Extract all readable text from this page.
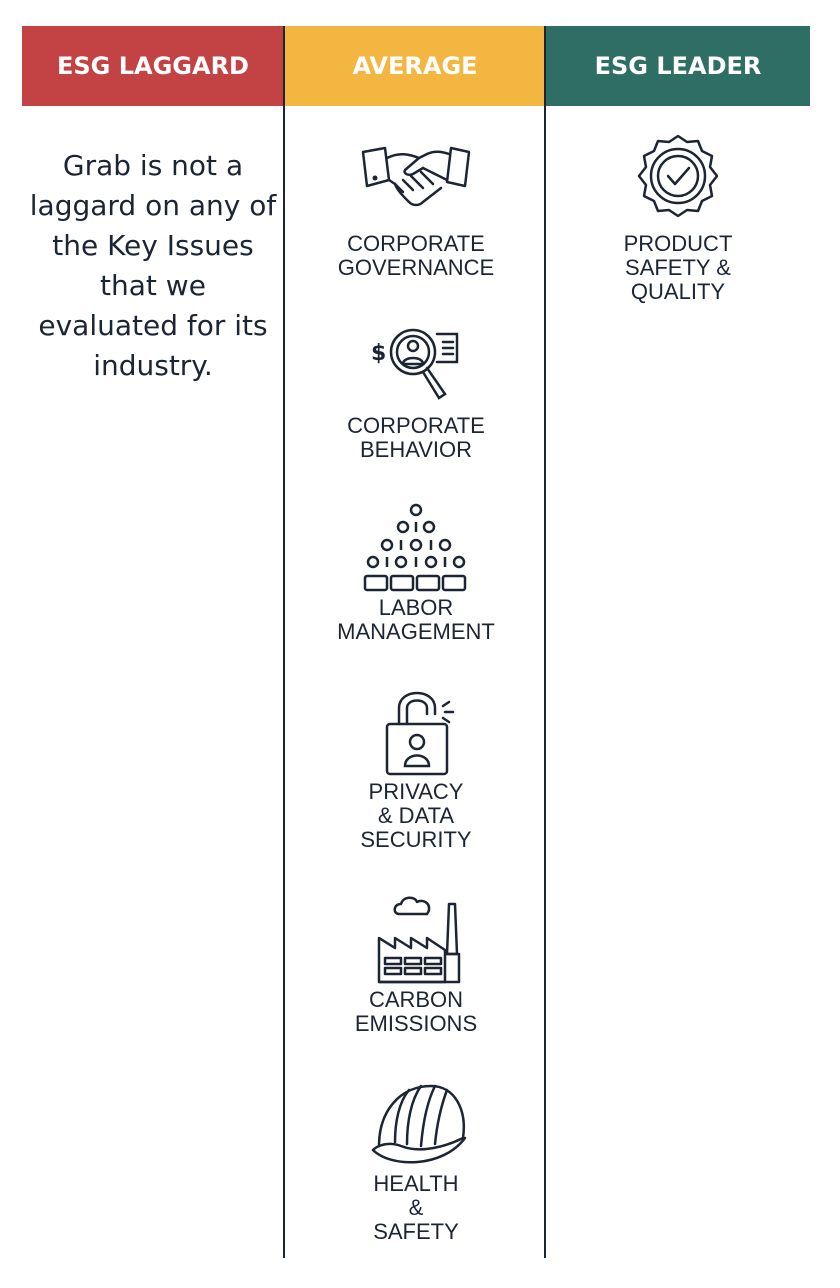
ESG LAGGARD	AVERAGE	ESG LEADER
Grab is not a
laggard on any of
the Key Issues
that we
evaluated for its
industry.
CORPORATE
GOVERNANCE
$
CORPORATE
BEHAVIOR
LABOR
MANAGEMENT
PRIVACY
& DATA
SECURITY
CARBON
EMISSIONS
HEALTH
&
SAFETY
PRODUCT
SAFETY &
QUALITY
